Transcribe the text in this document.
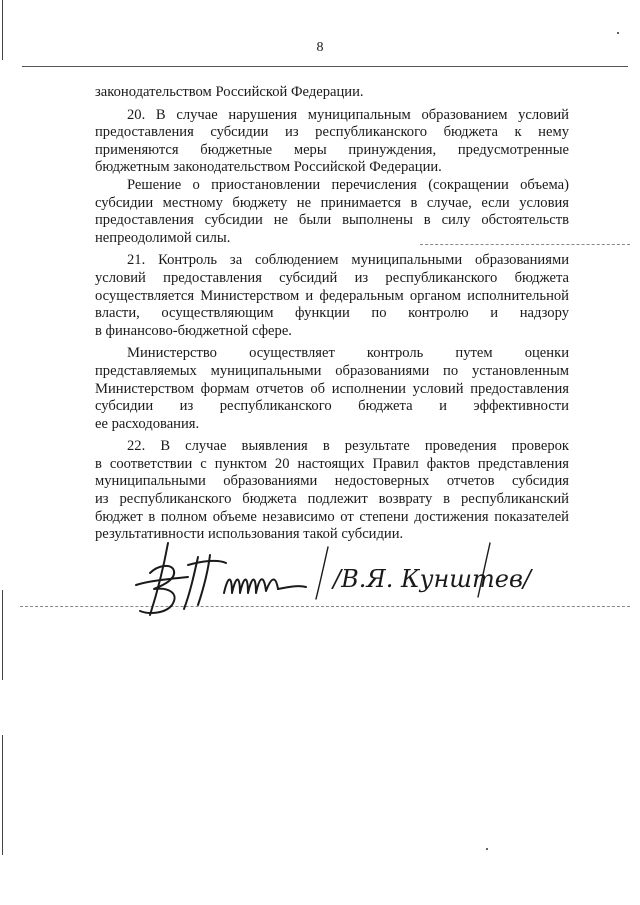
8
законодательством Российской Федерации.
20. В случае нарушения муниципальным образованием условий
предоставления субсидии из республиканского бюджета к нему
применяются бюджетные меры принуждения, предусмотренные
бюджетным законодательством Российской Федерации.
Решение о приостановлении перечисления (сокращении объема)
субсидии местному бюджету не принимается в случае, если условия
предоставления субсидии не были выполнены в силу обстоятельств
непреодолимой силы.
21. Контроль за соблюдением муниципальными образованиями
условий предоставления субсидий из республиканского бюджета
осуществляется Министерством и федеральным органом исполнительной
власти, осуществляющим функции по контролю и надзору
в финансово-бюджетной сфере.
Министерство осуществляет контроль путем оценки
представляемых муниципальными образованиями по установленным
Министерством формам отчетов об исполнении условий предоставления
субсидии из республиканского бюджета и эффективности
ее расходования.
22. В случае выявления в результате проведения проверок
в соответствии с пунктом 20 настоящих Правил фактов представления
муниципальными образованиями недостоверных отчетов субсидия
из республиканского бюджета подлежит возврату в республиканский
бюджет в полном объеме независимо от степени достижения показателей
результативности использования такой субсидии.
/В.Я. Кунштев/
